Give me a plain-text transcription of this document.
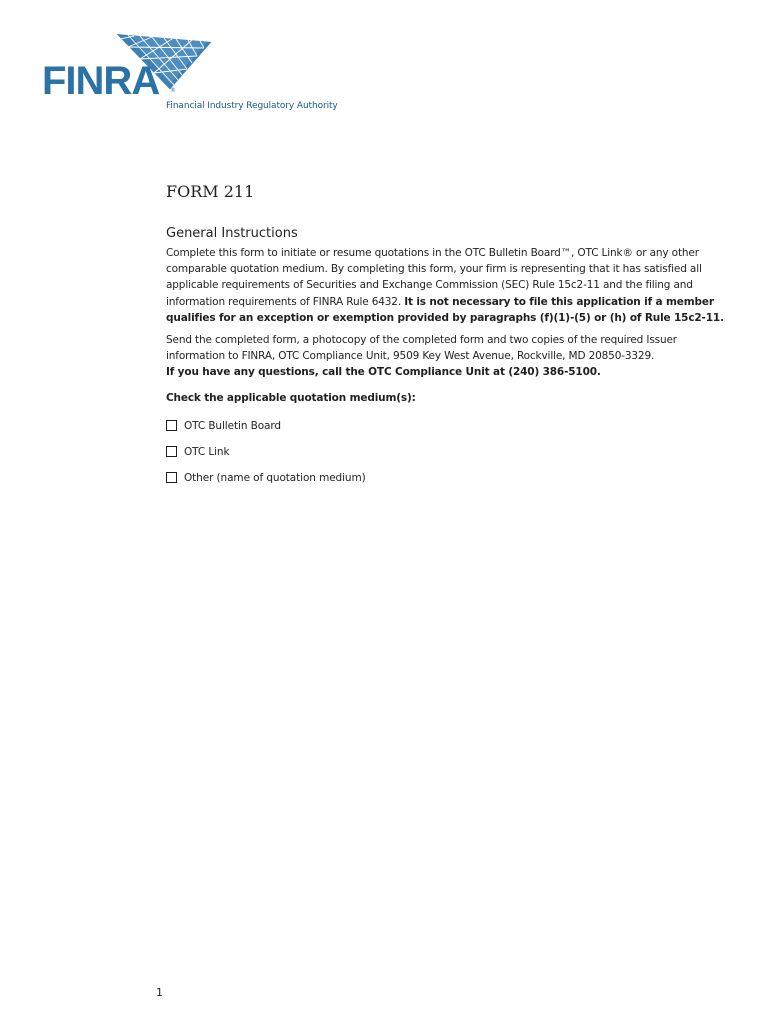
FINRA ®
Financial Industry Regulatory Authority
FORM 211
General Instructions

Complete this form to initiate or resume quotations in the OTC Bulletin Board™, OTC Link® or any other comparable quotation medium. By completing this form, your firm is representing that it has satisfied all applicable requirements of Securities and Exchange Commission (SEC) Rule 15c2-11 and the filing and information requirements of FINRA Rule 6432. It is not necessary to file this application if a member qualifies for an exception or exemption provided by paragraphs (f)(1)-(5) or (h) of Rule 15c2-11.

Send the completed form, a photocopy of the completed form and two copies of the required Issuer information to FINRA, OTC Compliance Unit, 9509 Key West Avenue, Rockville, MD 20850-3329.
If you have any questions, call the OTC Compliance Unit at (240) 386-5100.

Check the applicable quotation medium(s):
OTC Bulletin Board
OTC Link
Other (name of quotation medium)
1
